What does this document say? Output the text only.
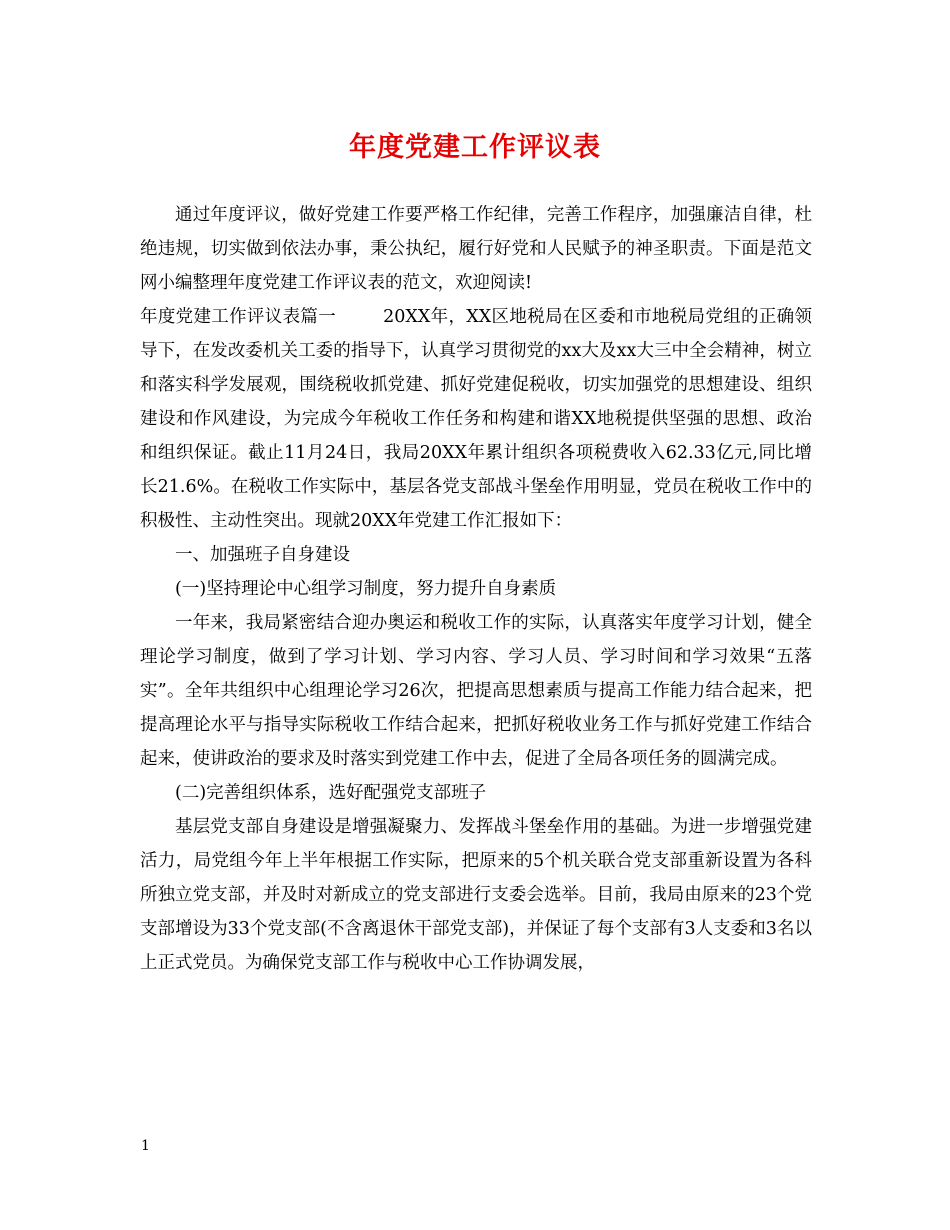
年度党建工作评议表

通过年度评议，做好党建工作要严格工作纪律，完善工作程序，加强廉洁自律，杜绝违规，切实做到依法办事，秉公执纪，履行好党和人民赋予的神圣职责。下面是范文网小编整理年度党建工作评议表的范文，欢迎阅读!

年度党建工作评议表篇一	20XX年，XX区地税局在区委和市地税局党组的正确领导下，在发改委机关工委的指导下，认真学习贯彻党的xx大及xx大三中全会精神，树立和落实科学发展观，围绕税收抓党建、抓好党建促税收，切实加强党的思想建设、组织建设和作风建设，为完成今年税收工作任务和构建和谐XX地税提供坚强的思想、政治和组织保证。截止11月24日，我局20XX年累计组织各项税费收入62.33亿元,同比增长21.6%。在税收工作实际中，基层各党支部战斗堡垒作用明显，党员在税收工作中的积极性、主动性突出。现就20XX年党建工作汇报如下：

一、加强班子自身建设

(一)坚持理论中心组学习制度，努力提升自身素质

一年来，我局紧密结合迎办奥运和税收工作的实际，认真落实年度学习计划，健全理论学习制度，做到了学习计划、学习内容、学习人员、学习时间和学习效果“五落实”。全年共组织中心组理论学习26次，把提高思想素质与提高工作能力结合起来，把提高理论水平与指导实际税收工作结合起来，把抓好税收业务工作与抓好党建工作结合起来，使讲政治的要求及时落实到党建工作中去，促进了全局各项任务的圆满完成。

(二)完善组织体系，选好配强党支部班子

基层党支部自身建设是增强凝聚力、发挥战斗堡垒作用的基础。为进一步增强党建活力，局党组今年上半年根据工作实际，把原来的5个机关联合党支部重新设置为各科所独立党支部，并及时对新成立的党支部进行支委会选举。目前，我局由原来的23个党支部增设为33个党支部(不含离退休干部党支部)，并保证了每个支部有3人支委和3名以上正式党员。为确保党支部工作与税收中心工作协调发展，

1
